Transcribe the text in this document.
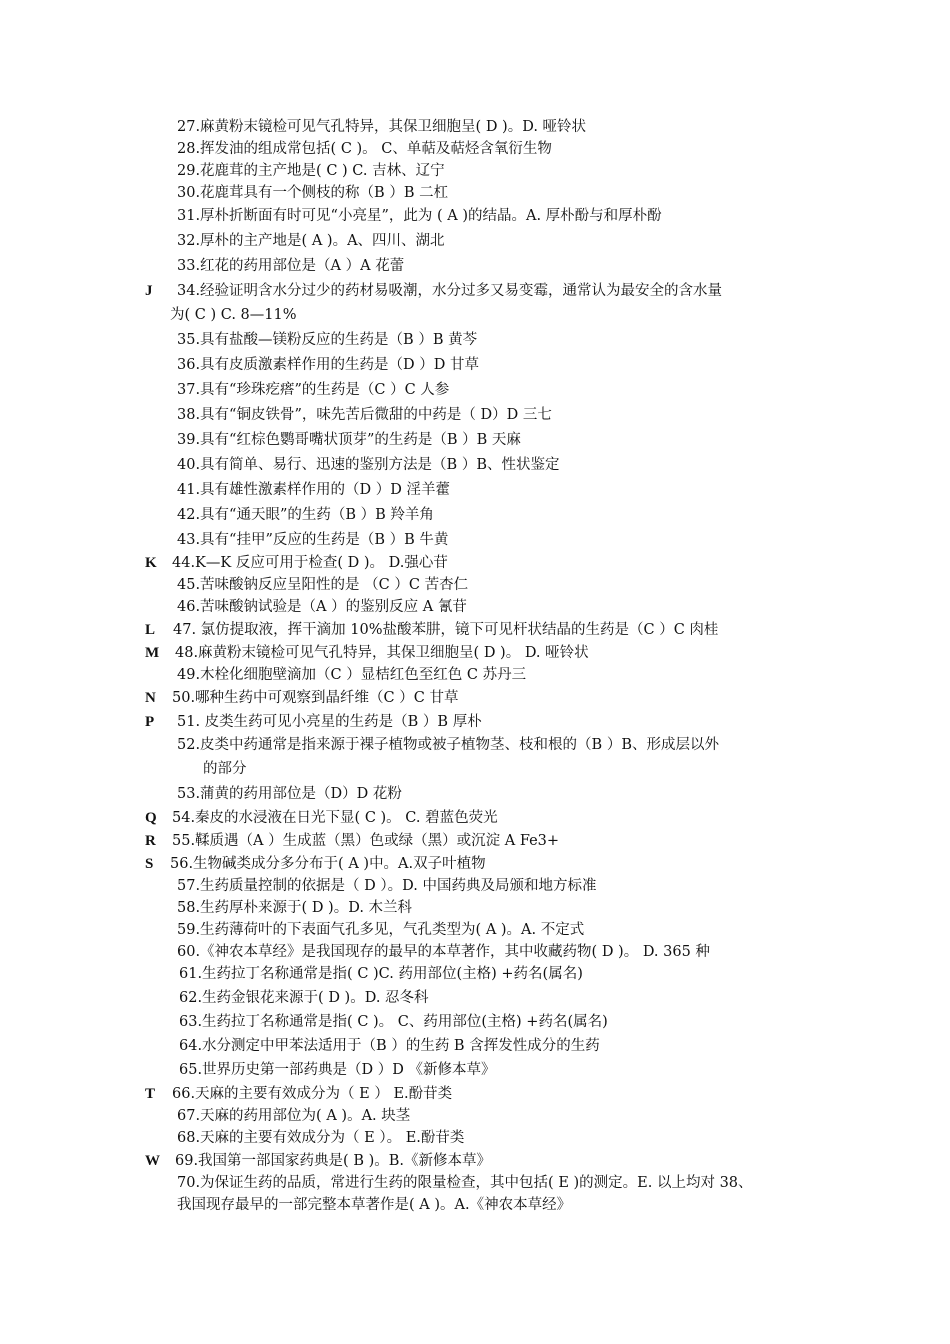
27.麻黄粉末镜检可见气孔特异，其保卫细胞呈( D )。D. 哑铃状
28.挥发油的组成常包括( C )。 C、单萜及萜烃含氧衍生物
29.花鹿茸的主产地是( C ) C. 吉林、辽宁
30.花鹿茸具有一个侧枝的称（B ）B 二杠
31.厚朴折断面有时可见“小亮星”，此为 ( A )的结晶。A. 厚朴酚与和厚朴酚
32.厚朴的主产地是( A )。A、四川、湖北
33.红花的药用部位是（A ）A 花蕾
J 34.经验证明含水分过少的药材易吸潮，水分过多又易变霉，通常认为最安全的含水量
为( C ) C. 8—11%
35.具有盐酸—镁粉反应的生药是（B ）B 黄芩
36.具有皮质激素样作用的生药是（D ）D 甘草
37.具有“珍珠疙瘩”的生药是（C ）C 人参
38.具有“铜皮铁骨”，味先苦后微甜的中药是（ D）D 三七
39.具有“红棕色鹦哥嘴状顶芽”的生药是（B ）B 天麻
40.具有简单、易行、迅速的鉴别方法是（B ）B、性状鉴定
41.具有雄性激素样作用的（D ）D 淫羊藿
42.具有“通天眼”的生药（B ）B 羚羊角
43.具有“挂甲”反应的生药是（B ）B 牛黄
K 44.K—K 反应可用于检查( D )。 D.强心苷
45.苦味酸钠反应呈阳性的是 （C ）C 苦杏仁
46.苦味酸钠试验是（A ）的鉴别反应 A 氰苷
L 47. 氯仿提取液，挥干滴加 10%盐酸苯肼，镜下可见杆状结晶的生药是（C ）C 肉桂
M 48.麻黄粉末镜检可见气孔特异，其保卫细胞呈( D )。 D. 哑铃状
49.木栓化细胞壁滴加（C ）显桔红色至红色 C 苏丹三
N 50.哪种生药中可观察到晶纤维（C ）C 甘草
P 51. 皮类生药可见小亮星的生药是（B ）B 厚朴
52.皮类中药通常是指来源于裸子植物或被子植物茎、枝和根的（B ）B、形成层以外
的部分
53.蒲黄的药用部位是（D）D 花粉
Q 54.秦皮的水浸液在日光下显( C )。 C. 碧蓝色荧光
R 55.鞣质遇（A ）生成蓝（黑）色或绿（黑）或沉淀 A Fe3+
S 56.生物碱类成分多分布于( A )中。A.双子叶植物
57.生药质量控制的依据是（ D ）。D. 中国药典及局颁和地方标准
58.生药厚朴来源于( D )。D. 木兰科
59.生药薄荷叶的下表面气孔多见，气孔类型为( A )。A. 不定式
60.《神农本草经》是我国现存的最早的本草著作，其中收藏药物( D )。 D. 365 种
61.生药拉丁名称通常是指( C )C. 药用部位(主格) +药名(属名)
62.生药金银花来源于( D )。D. 忍冬科
63.生药拉丁名称通常是指( C )。 C、药用部位(主格) +药名(属名)
64.水分测定中甲苯法适用于（B ）的生药 B 含挥发性成分的生药
65.世界历史第一部药典是（D ）D 《新修本草》
T 66.天麻的主要有效成分为（ E ） E.酚苷类
67.天麻的药用部位为( A )。A. 块茎
68.天麻的主要有效成分为（ E ）。 E.酚苷类
W 69.我国第一部国家药典是( B )。B.《新修本草》
70.为保证生药的品质，常进行生药的限量检查，其中包括( E )的测定。E. 以上均对 38、
我国现存最早的一部完整本草著作是( A )。A.《神农本草经》
